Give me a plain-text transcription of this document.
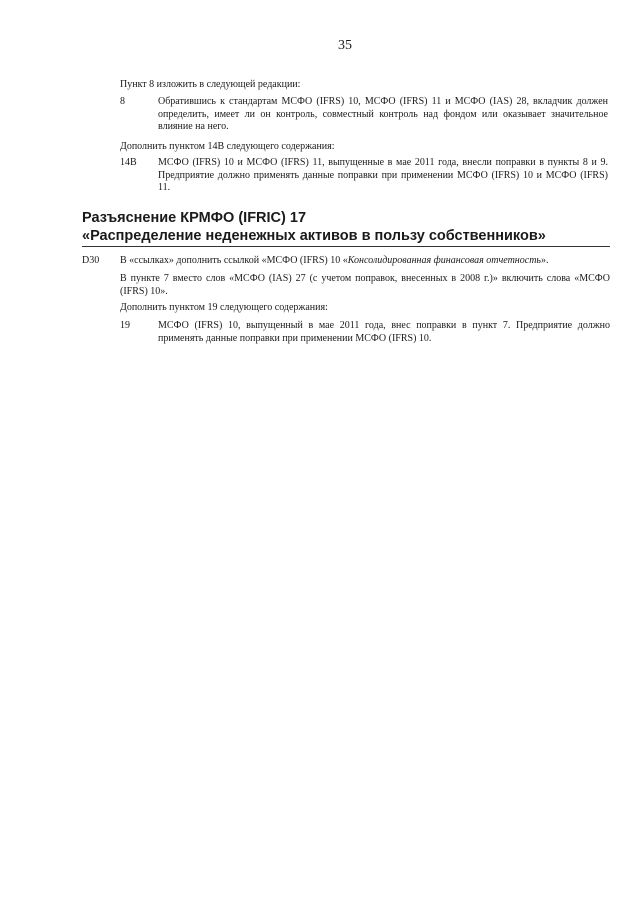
35
Пункт 8 изложить в следующей редакции:
8	Обратившись к стандартам МСФО (IFRS) 10, МСФО (IFRS) 11 и МСФО (IAS) 28, вкладчик должен определить, имеет ли он контроль, совместный контроль над фондом или оказывает значительное влияние на него.
Дополнить пунктом 14В следующего содержания:
14В МСФО (IFRS) 10 и МСФО (IFRS) 11, выпущенные в мае 2011 года, внесли поправки в пункты 8 и 9. Предприятие должно применять данные поправки при применении МСФО (IFRS) 10 и МСФО (IFRS) 11.
Разъяснение КРМФО (IFRIC) 17
«Распределение неденежных активов в пользу собственников»
D30 В «ссылках» дополнить ссылкой «МСФО (IFRS) 10 «Консолидированная финансовая отчетность».
В пункте 7 вместо слов «МСФО (IAS) 27 (с учетом поправок, внесенных в 2008 г.)» включить слова «МСФО (IFRS) 10».
Дополнить пунктом 19 следующего содержания:
19	МСФО (IFRS) 10, выпущенный в мае 2011 года, внес поправки в пункт 7. Предприятие должно применять данные поправки при применении МСФО (IFRS) 10.
